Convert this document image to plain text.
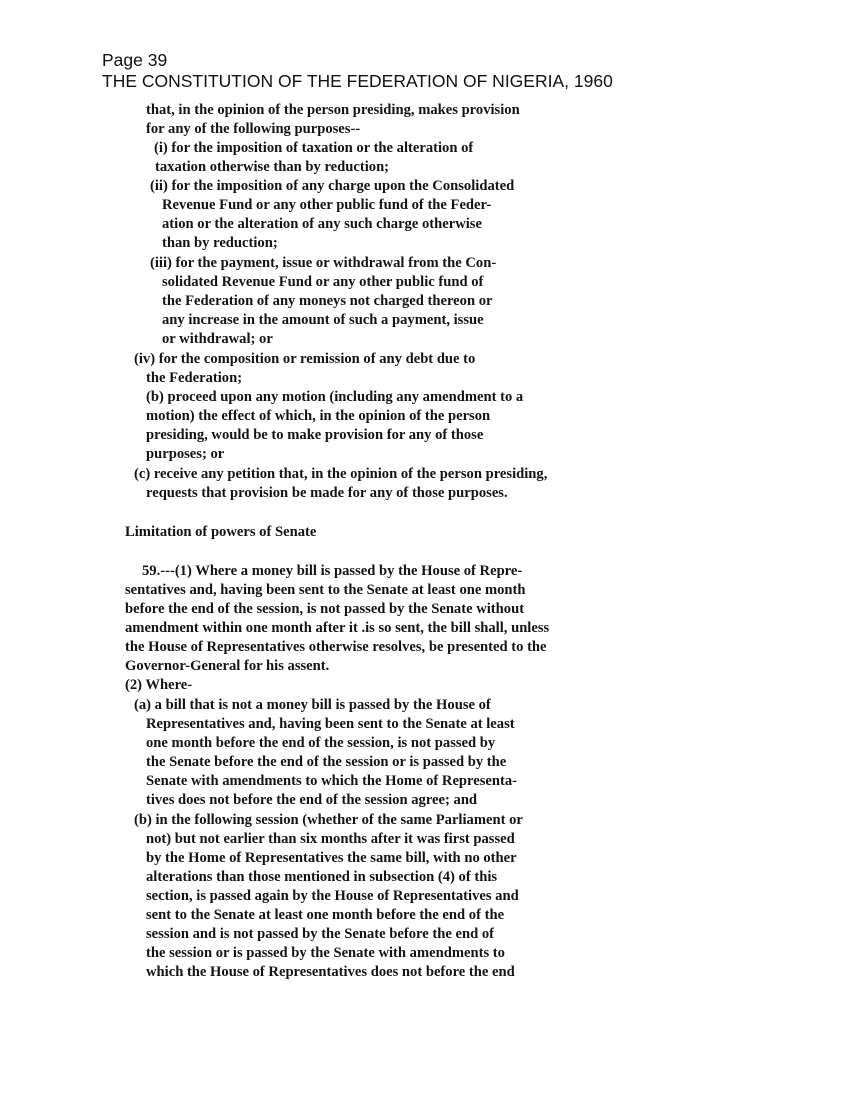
Page 39
THE CONSTITUTION OF THE FEDERATION OF NIGERIA, 1960
that, in the opinion of the person presiding, makes provision
for any of the following purposes--
(i) for the imposition of taxation or the alteration of
taxation otherwise than by reduction;
(ii) for the imposition of any charge upon the Consolidated
Revenue Fund or any other public fund of the Feder-
ation or the alteration of any such charge otherwise
than by reduction;
(iii) for the payment, issue or withdrawal from the Con-
solidated Revenue Fund or any other public fund of
the Federation of any moneys not charged thereon or
any increase in the amount of such a payment, issue
or withdrawal; or
(iv) for the composition or remission of any debt due to
the Federation;
(b) proceed upon any motion (including any amendment to a
motion) the effect of which, in the opinion of the person
presiding, would be to make provision for any of those
purposes; or
(c) receive any petition that, in the opinion of the person presiding,
requests that provision be made for any of those purposes.
Limitation of powers of Senate
59.---(1) Where a money bill is passed by the House of Repre-
sentatives and, having been sent to the Senate at least one month
before the end of the session, is not passed by the Senate without
amendment within one month after it .is so sent, the bill shall, unless
the House of Representatives otherwise resolves, be presented to the
Governor-General for his assent.
(2) Where-
(a) a bill that is not a money bill is passed by the House of
Representatives and, having been sent to the Senate at least
one month before the end of the session, is not passed by
the Senate before the end of the session or is passed by the
Senate with amendments to which the Home of Representa-
tives does not before the end of the session agree; and
(b) in the following session (whether of the same Parliament or
not) but not earlier than six months after it was first passed
by the Home of Representatives the same bill, with no other
alterations than those mentioned in subsection (4) of this
section, is passed again by the House of Representatives and
sent to the Senate at least one month before the end of the
session and is not passed by the Senate before the end of
the session or is passed by the Senate with amendments to
which the House of Representatives does not before the end
